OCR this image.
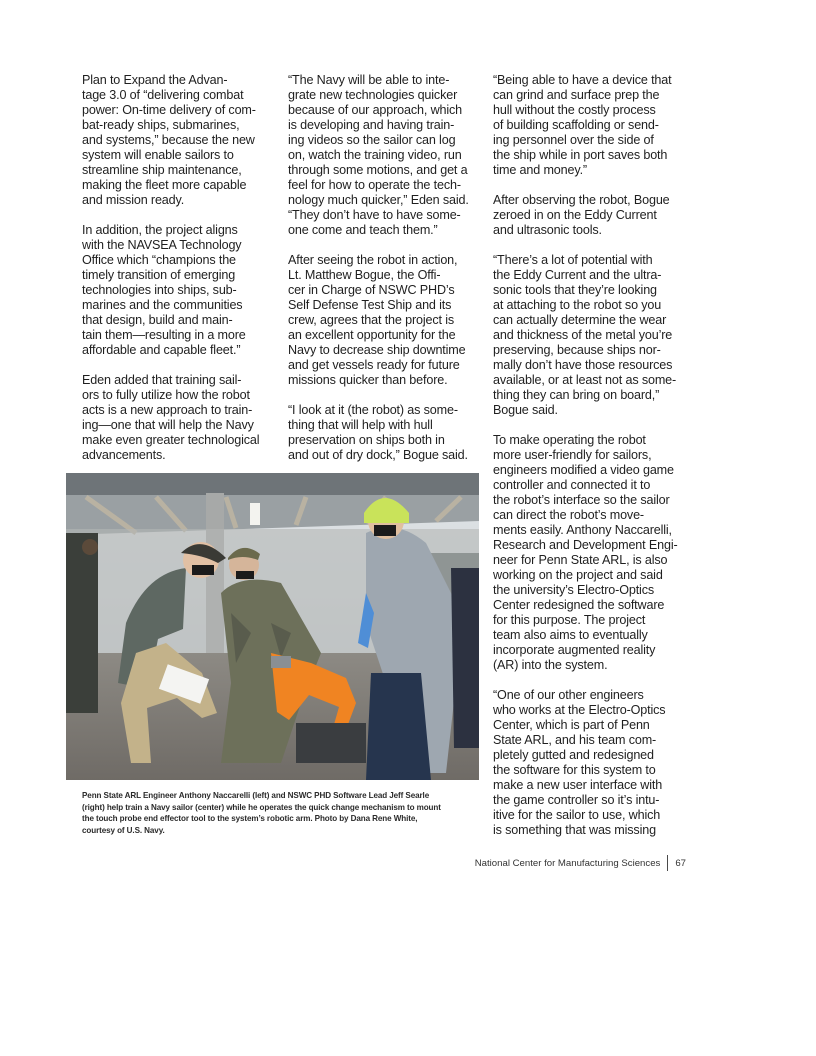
Plan to Expand the Advan-
tage 3.0 of “delivering combat
power: On-time delivery of com-
bat-ready ships, submarines,
and systems,” because the new
system will enable sailors to
streamline ship maintenance,
making the fleet more capable
and mission ready.

In addition, the project aligns
with the NAVSEA Technology
Office which “champions the
timely transition of emerging
technologies into ships, sub-
marines and the communities
that design, build and main-
tain them—resulting in a more
affordable and capable fleet.”

Eden added that training sail-
ors to fully utilize how the robot
acts is a new approach to train-
ing—one that will help the Navy
make even greater technological
advancements.

“The Navy will be able to inte-
grate new technologies quicker
because of our approach, which
is developing and having train-
ing videos so the sailor can log
on, watch the training video, run
through some motions, and get a
feel for how to operate the tech-
nology much quicker,” Eden said.
“They don’t have to have some-
one come and teach them.”

After seeing the robot in action,
Lt. Matthew Bogue, the Offi-
cer in Charge of NSWC PHD’s
Self Defense Test Ship and its
crew, agrees that the project is
an excellent opportunity for the
Navy to decrease ship downtime
and get vessels ready for future
missions quicker than before.

“I look at it (the robot) as some-
thing that will help with hull
preservation on ships both in
and out of dry dock,” Bogue said.

“Being able to have a device that
can grind and surface prep the
hull without the costly process
of building scaffolding or send-
ing personnel over the side of
the ship while in port saves both
time and money.”

After observing the robot, Bogue
zeroed in on the Eddy Current
and ultrasonic tools.

“There’s a lot of potential with
the Eddy Current and the ultra-
sonic tools that they’re looking
at attaching to the robot so you
can actually determine the wear
and thickness of the metal you’re
preserving, because ships nor-
mally don’t have those resources
available, or at least not as some-
thing they can bring on board,”
Bogue said.

To make operating the robot
more user-friendly for sailors,
engineers modified a video game
controller and connected it to
the robot’s interface so the sailor
can direct the robot’s move-
ments easily. Anthony Naccarelli,
Research and Development Engi-
neer for Penn State ARL, is also
working on the project and said
the university’s Electro-Optics
Center redesigned the software
for this purpose. The project
team also aims to eventually
incorporate augmented reality
(AR) into the system.

“One of our other engineers
who works at the Electro-Optics
Center, which is part of Penn
State ARL, and his team com-
pletely gutted and redesigned
the software for this system to
make a new user interface with
the game controller so it’s intu-
itive for the sailor to use, which
is something that was missing

Penn State ARL Engineer Anthony Naccarelli (left) and NSWC PHD Software Lead Jeff Searle
(right) help train a Navy sailor (center) while he operates the quick change mechanism to mount
the touch probe end effector tool to the system’s robotic arm. Photo by Dana Rene White,
courtesy of U.S. Navy.
National Center for Manufacturing Sciences 67
